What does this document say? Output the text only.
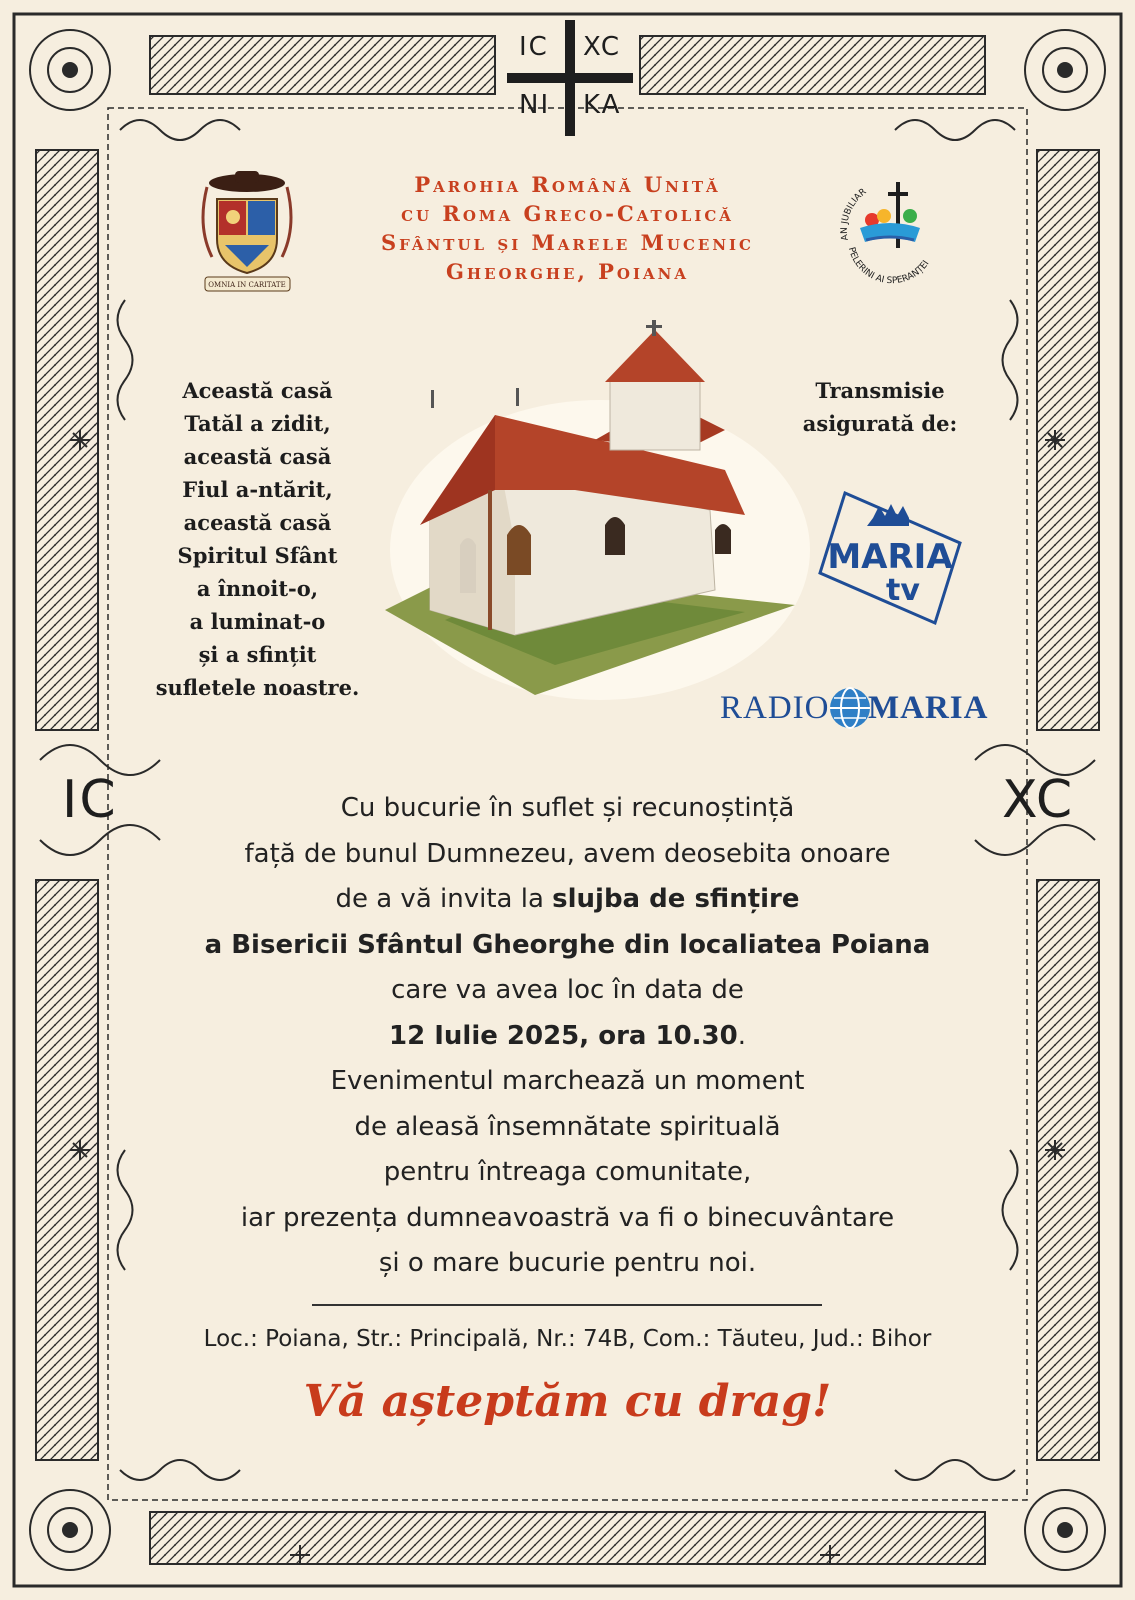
IC XC
NI KA
OMNIA IN CARITATE
Parohia Română Unită
cu Roma Greco-Catolică
Sfântul și Marele Mucenic
Gheorghe, Poiana
AN JUBILIAR
PELERINI AI SPERANȚEI
Această casă
Tatăl a zidit,
această casă
Fiul a-ntărit,
această casă
Spiritul Sfânt
a înnoit-o,
a luminat-o
și a sfințit
sufletele noastre.
Transmisie
asigurată de:
MARIA
tv
RADIO MARIA
IC	XC
Cu bucurie în suflet și recunoștință
față de bunul Dumnezeu, avem deosebita onoare
de a vă invita la slujba de sfințire
a Bisericii Sfântul Gheorghe din localiatea Poiana
care va avea loc în data de
12 Iulie 2025, ora 10.30.
Evenimentul marchează un moment
de aleasă însemnătate spirituală
pentru întreaga comunitate,
iar prezența dumneavoastră va fi o binecuvântare
și o mare bucurie pentru noi.
Loc.: Poiana, Str.: Principală, Nr.: 74B, Com.: Tăuteu, Jud.: Bihor
Vă așteptăm cu drag!
